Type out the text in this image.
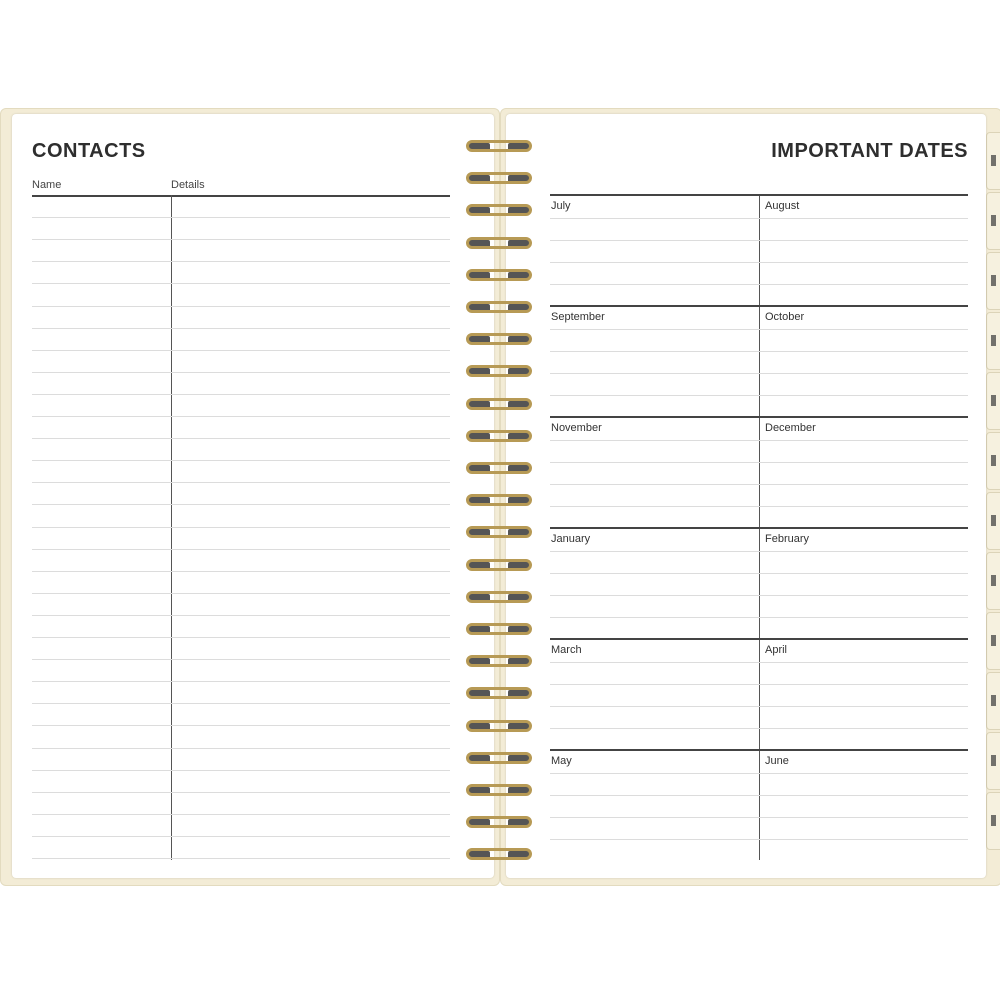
CONTACTS
Name	Details
IMPORTANT DATES
July	August
September	October
November	December
January	February
March	April
May	June
